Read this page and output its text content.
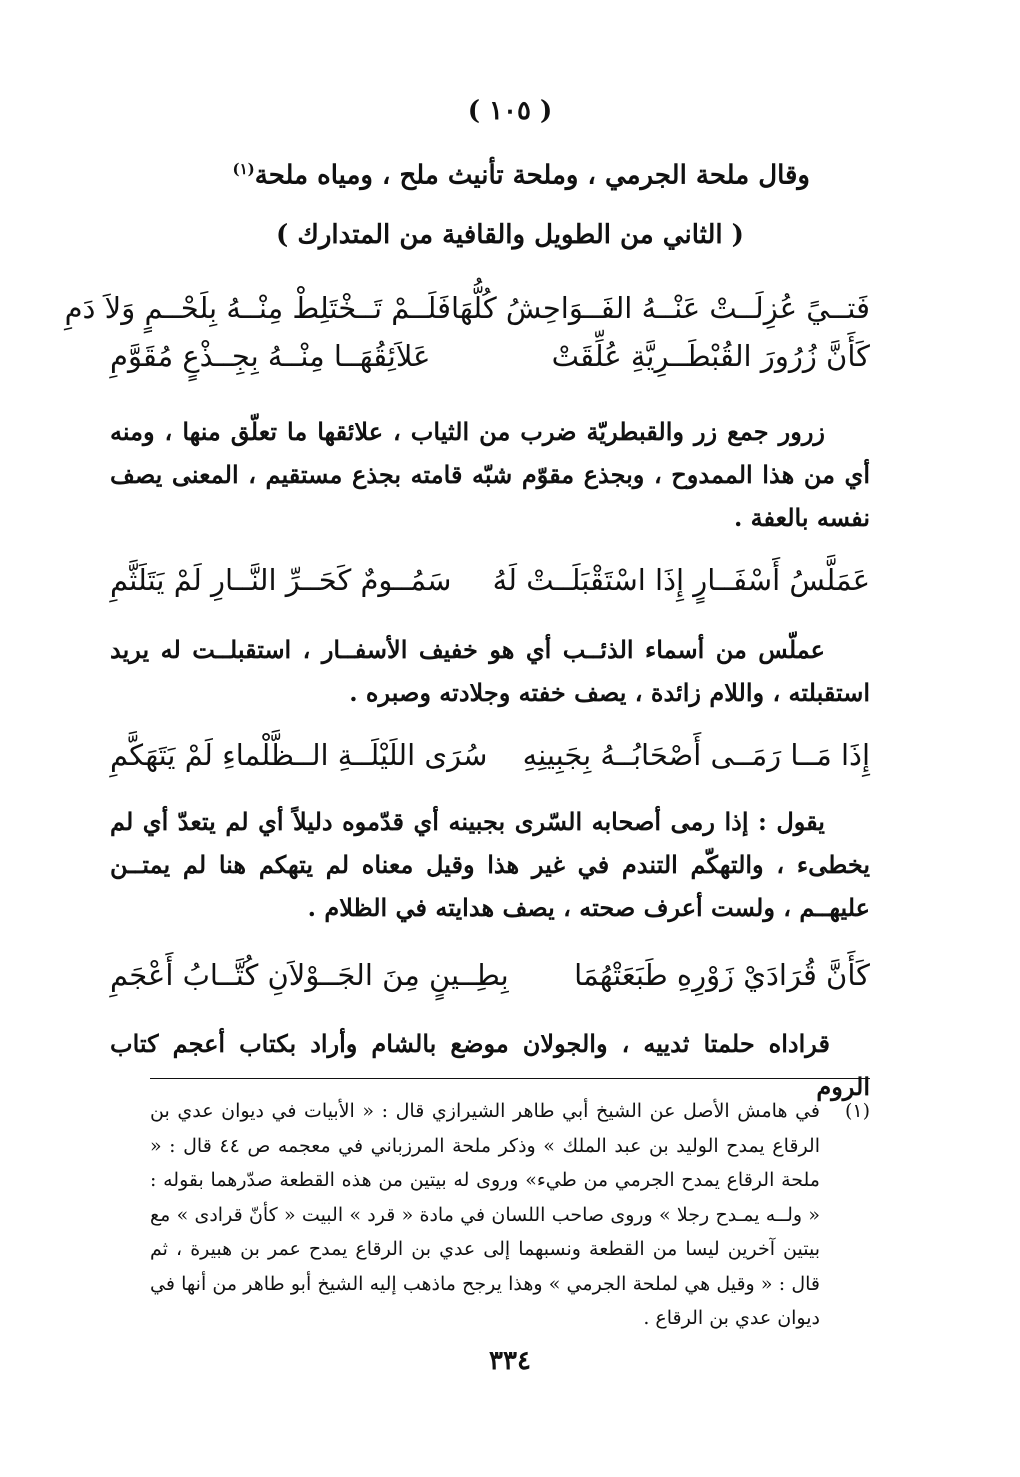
( ١٠٥ )
وقال ملحة الجرمي ، وملحة تأنيث ملح ، ومياه ملحة$^{(١)}$
( الثاني من الطويل والقافية من المتدارك )
فَتــيً عُزِلَــتْ عَنْــهُ الفَــوَاحِشُ كُلُّهَا
فَلَــمْ تَــخْتَلِطْ مِنْــهُ بِلَحْــمٍ وَلاَ دَمِ
كَأَنَّ زُرُورَ القُبْطَــرِيَّةِ عُلِّقَتْ
عَلاَئِقُهَــا مِنْــهُ بِجِــذْعٍ مُقَوَّمِ

زرور جمع زر والقبطريّة ضرب من الثياب ، علائقها ما تعلّق منها ، ومنه أي من هذا الممدوح ، وبجذع مقوّم شبّه قامته بجذع مستقيم ، المعنى يصف نفسه بالعفة .

عَمَلَّسُ أَسْفَــارٍ إِذَا اسْتَقْبَلَــتْ لَهُ
سَمُــومٌ كَحَــرِّ النَّــارِ لَمْ يَتَلَثَّمِ

عملّس من أسماء الذئــب أي هو خفيف الأسفــار ، استقبلــت له يريد استقبلته ، واللام زائدة ، يصف خفته وجلادته وصبره .

إِذَا مَــا رَمَــى أَصْحَابُــهُ بِجَبِينِهِ
سُرَى اللَيْلَــةِ الــظَّلْماءِ لَمْ يَتَهَكَّمِ

يقول : إذا رمى أصحابه السّرى بجبينه أي قدّموه دليلاً أي لم يتعدّ أي لم يخطىء ، والتهكّم التندم في غير هذا وقيل معناه لم يتهكم هنا لم يمتــن عليهــم ، ولست أعرف صحته ، يصف هدايته في الظلام .

كَأَنَّ قُرَادَيْ زَوْرِهِ طَبَعَتْهُمَا
بِطِــينٍ مِنَ الجَــوْلاَنِ كُتَّــابُ أَعْجَمِ

قراداه حلمتا ثدييه ، والجولان موضع بالشام وأراد بكتاب أعجم كتاب الروم

(١)

في هامش الأصل عن الشيخ أبي طاهر الشيرازي قال : « الأبيات في ديوان عدي بن الرقاع يمدح الوليد بن عبد الملك » وذكر ملحة المرزباني في معجمه ص ٤٤ قال : « ملحة الرقاع يمدح الجرمي من طيء» وروى له بيتين من هذه القطعة صدّرهما بقوله : « ولــه يمـدح رجلا » وروى صاحب اللسان في مادة « قرد » البيت « كأنّ قرادى » مع بيتين آخرين ليسا من القطعة ونسبهما إلى عدي بن الرقاع يمدح عمر بن هبيرة ، ثم قال : « وقيل هي لملحة الجرمي » وهذا يرجح ماذهب إليه الشيخ أبو طاهر من أنها في ديوان عدي بن الرقاع .

٣٣٤
